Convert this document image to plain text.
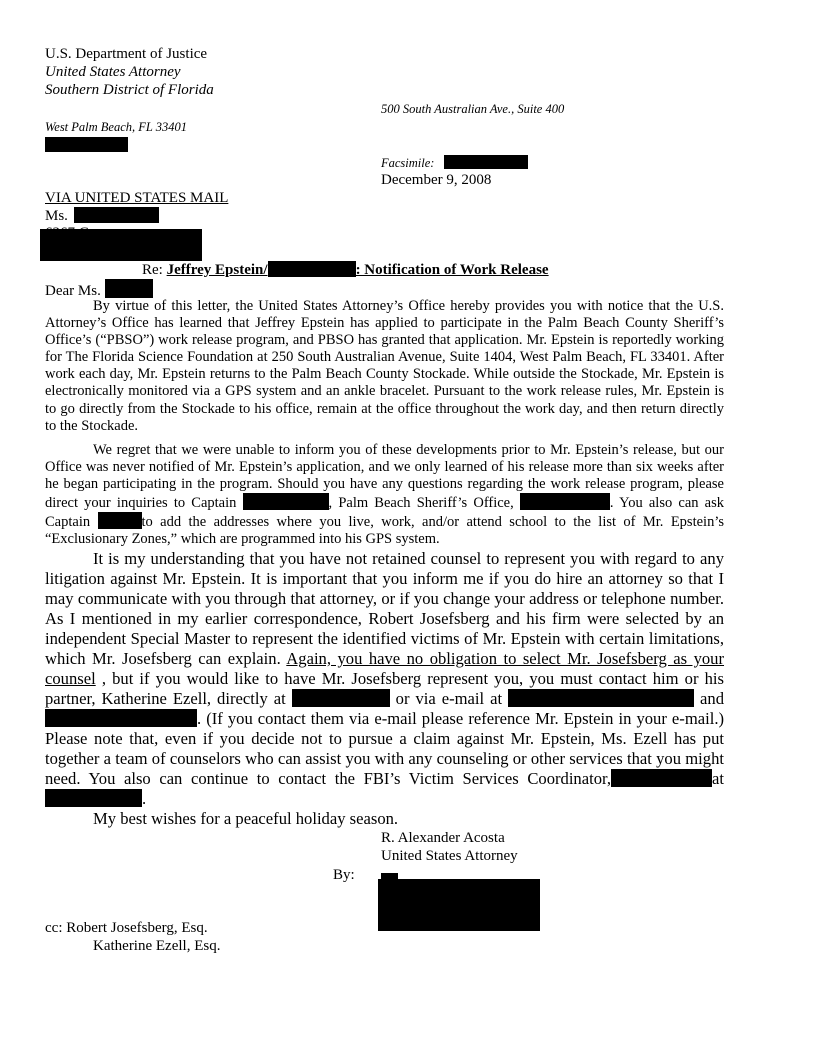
U.S. Department of Justice
United States Attorney
Southern District of Florida
500 South Australian Ave., Suite 400
West Palm Beach, FL 33401
Facsimile:
December 9, 2008
VIA UNITED STATES MAIL
Ms.
Re: Jeffrey Epstein/	: Notification of Work Release
Dear Ms.
By virtue of this letter, the United States Attorney’s Office hereby provides you with notice that the U.S. Attorney’s Office has learned that Jeffrey Epstein has applied to participate in the Palm Beach County Sheriff’s Office’s (“PBSO”) work release program, and PBSO has granted that application. Mr. Epstein is reportedly working for The Florida Science Foundation at 250 South Australian Avenue, Suite 1404, West Palm Beach, FL 33401. After work each day, Mr. Epstein returns to the Palm Beach County Stockade. While outside the Stockade, Mr. Epstein is electronically monitored via a GPS system and an ankle bracelet. Pursuant to the work release rules, Mr. Epstein is to go directly from the Stockade to his office, remain at the office throughout the work day, and then return directly to the Stockade.
We regret that we were unable to inform you of these developments prior to Mr. Epstein’s release, but our Office was never notified of Mr. Epstein’s application, and we only learned of his release more than six weeks after he began participating in the program. Should you have any questions regarding the work release program, please direct your inquiries to Captain	, Palm Beach Sheriff’s Office,	. You also can ask Captain	to add the addresses where you live, work, and/or attend school to the list of Mr. Epstein’s “Exclusionary Zones,” which are programmed into his GPS system.
It is my understanding that you have not retained counsel to represent you with regard to any litigation against Mr. Epstein. It is important that you inform me if you do hire an attorney so that I may communicate with you through that attorney, or if you change your address or telephone number. As I mentioned in my earlier correspondence, Robert Josefsberg and his firm were selected by an independent Special Master to represent the identified victims of Mr. Epstein with certain limitations, which Mr. Josefsberg can explain. Again, you have no obligation to select Mr. Josefsberg as your counsel , but if you would like to have Mr. Josefsberg represent you, you must contact him or his partner, Katherine Ezell, directly at	or via e-mail at	and . (If you contact them via e-mail please reference Mr. Epstein in your e-mail.) Please note that, even if you decide not to pursue a claim against Mr. Epstein, Ms. Ezell has put together a team of counselors who can assist you with any counseling or other services that you might need. You also can continue to contact the FBI’s Victim Services Coordinator,	at .
My best wishes for a peaceful holiday season.
R. Alexander Acosta
United States Attorney
By:
cc: Robert Josefsberg, Esq.
Katherine Ezell, Esq.
